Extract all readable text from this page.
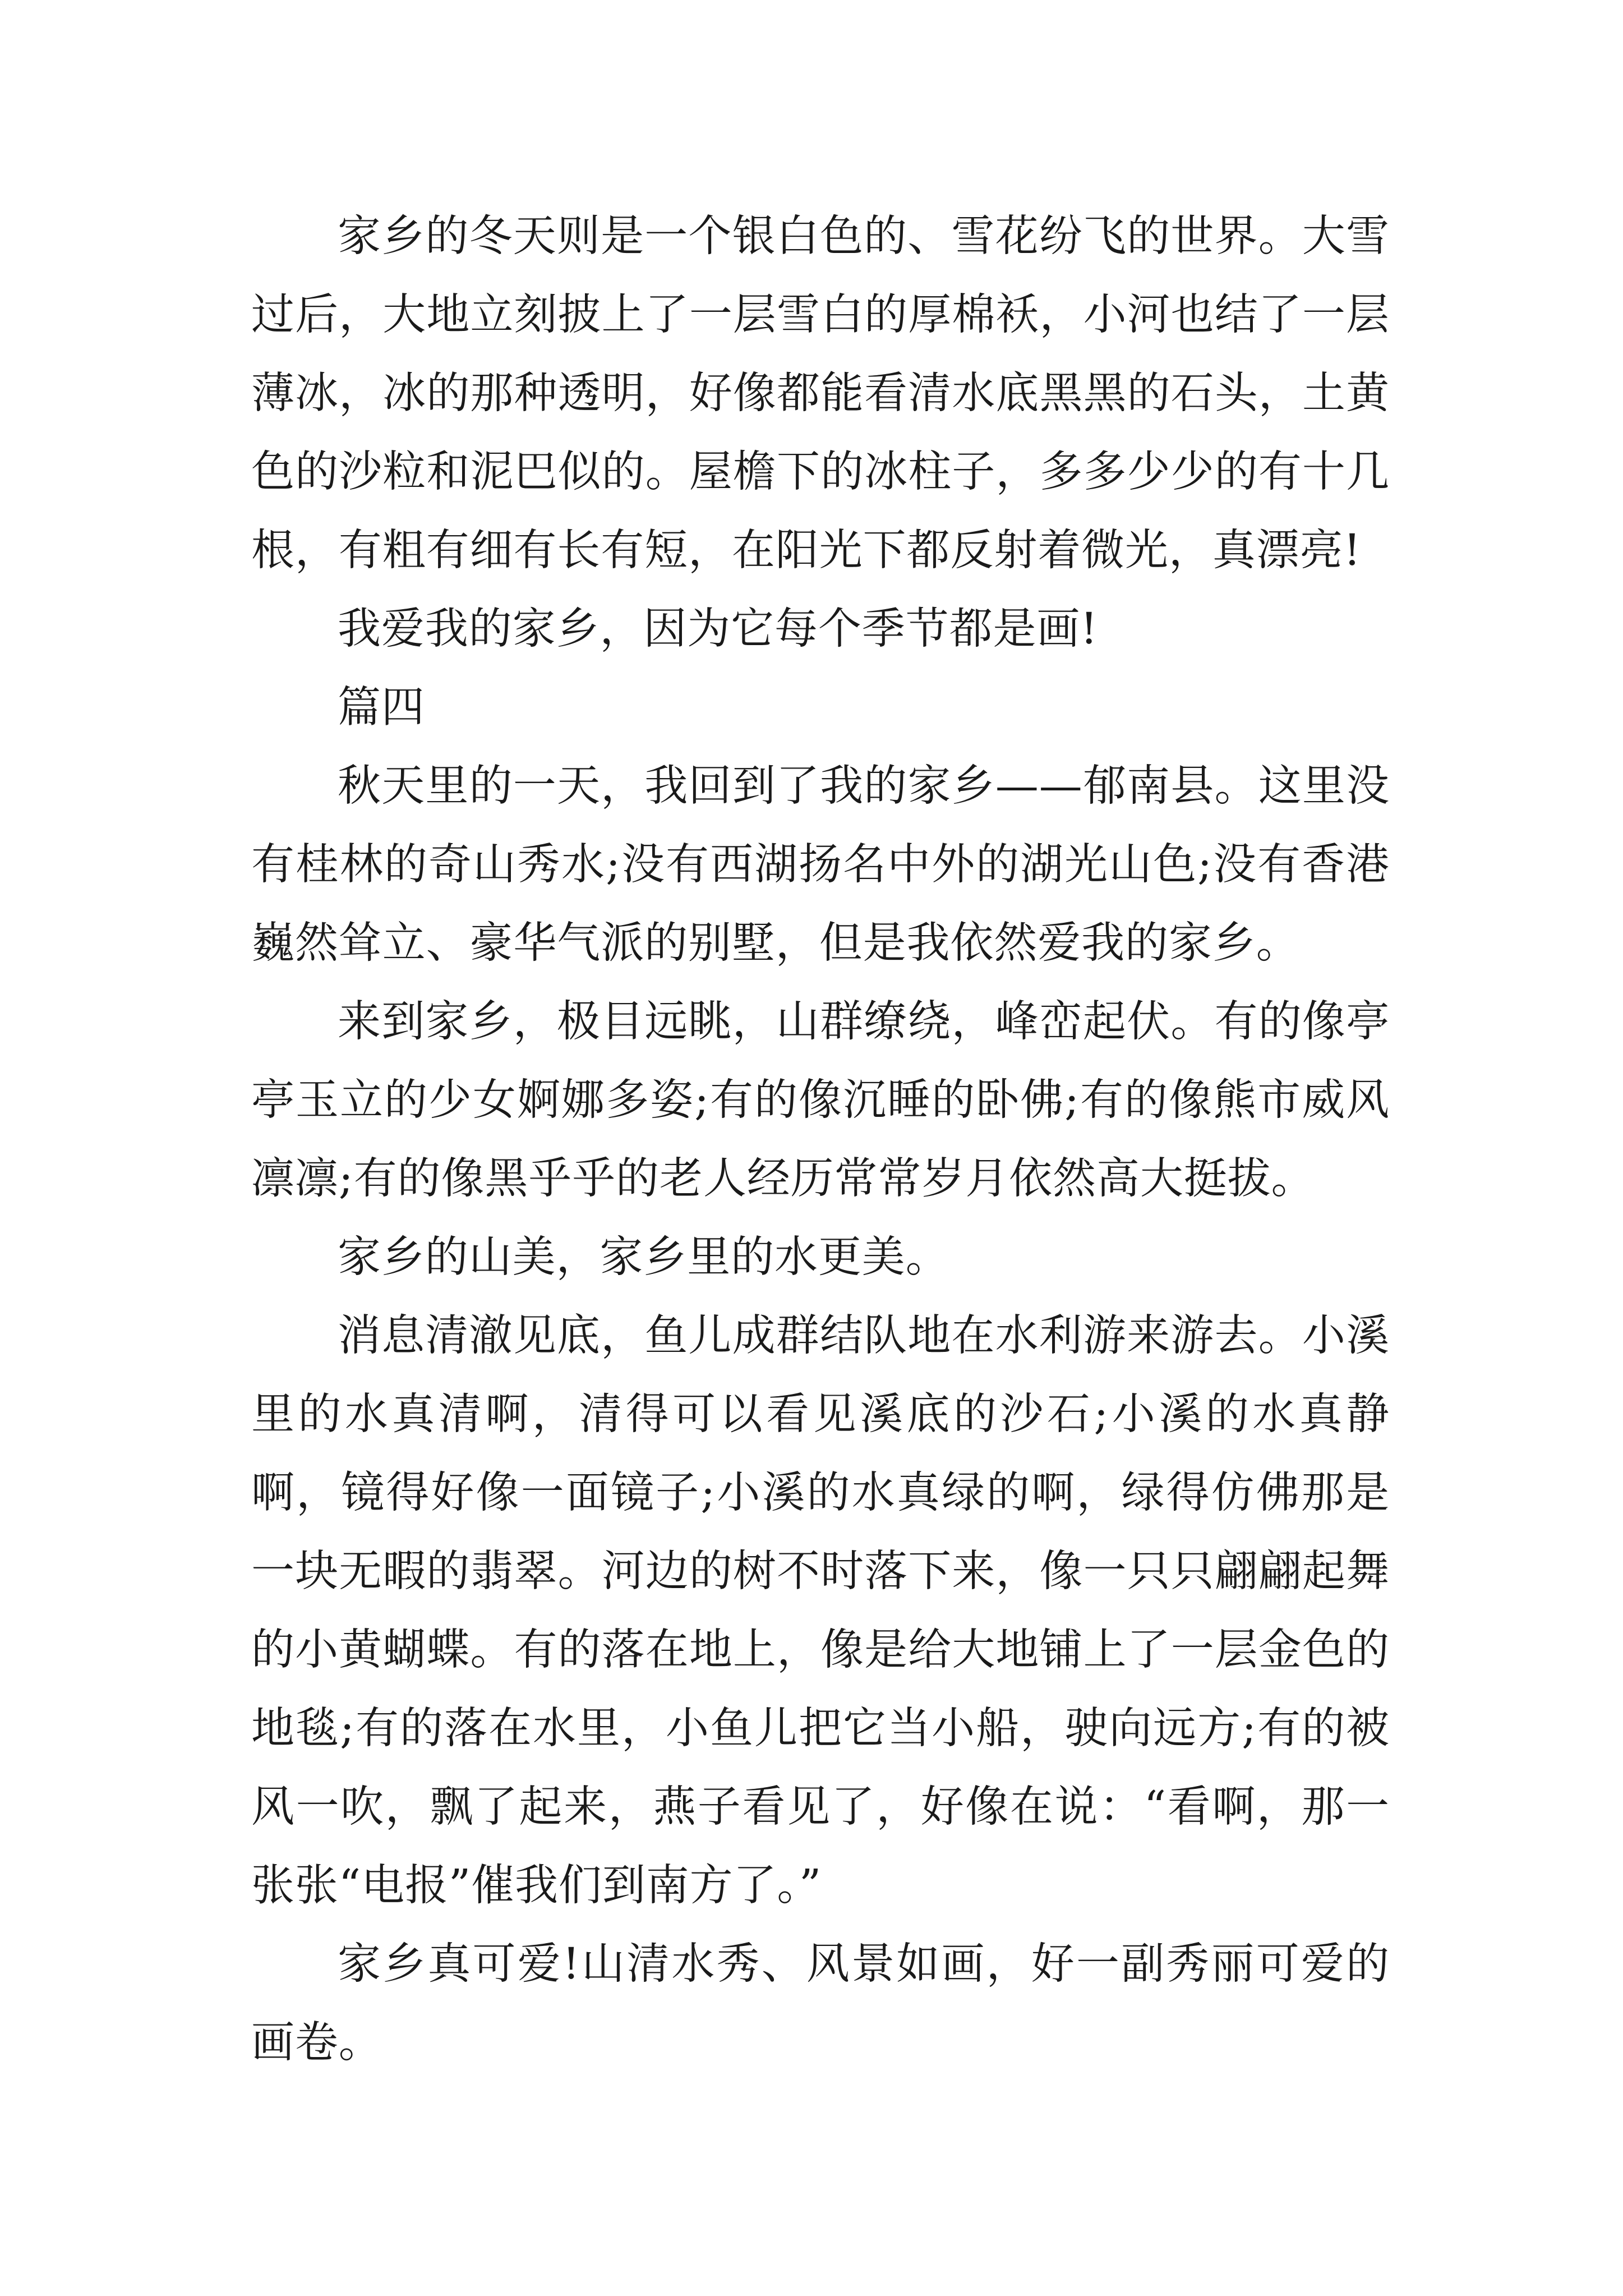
家乡的冬天则是一个银白色的、雪花纷飞的世界。大雪过后，大地立刻披上了一层雪白的厚棉袄，小河也结了一层薄冰，冰的那种透明，好像都能看清水底黑黑的石头，土黄色的沙粒和泥巴似的。屋檐下的冰柱子，多多少少的有十几根，有粗有细有长有短，在阳光下都反射着微光，真漂亮!

我爱我的家乡，因为它每个季节都是画!

篇四

秋天里的一天，我回到了我的家乡——郁南县。这里没有桂林的奇山秀水;没有西湖扬名中外的湖光山色;没有香港巍然耸立、豪华气派的别墅，但是我依然爱我的家乡。

来到家乡，极目远眺，山群缭绕，峰峦起伏。有的像亭亭玉立的少女婀娜多姿;有的像沉睡的卧佛;有的像熊市威风凛凛;有的像黑乎乎的老人经历常常岁月依然高大挺拔。

家乡的山美，家乡里的水更美。

消息清澈见底，鱼儿成群结队地在水利游来游去。小溪里的水真清啊，清得可以看见溪底的沙石;小溪的水真静啊，镜得好像一面镜子;小溪的水真绿的啊，绿得仿佛那是一块无暇的翡翠。河边的树不时落下来，像一只只翩翩起舞的小黄蝴蝶。有的落在地上，像是给大地铺上了一层金色的地毯;有的落在水里，小鱼儿把它当小船，驶向远方;有的被风一吹，飘了起来，燕子看见了，好像在说：“看啊，那一张张“电报”催我们到南方了。”

家乡真可爱!山清水秀、风景如画，好一副秀丽可爱的画卷。
